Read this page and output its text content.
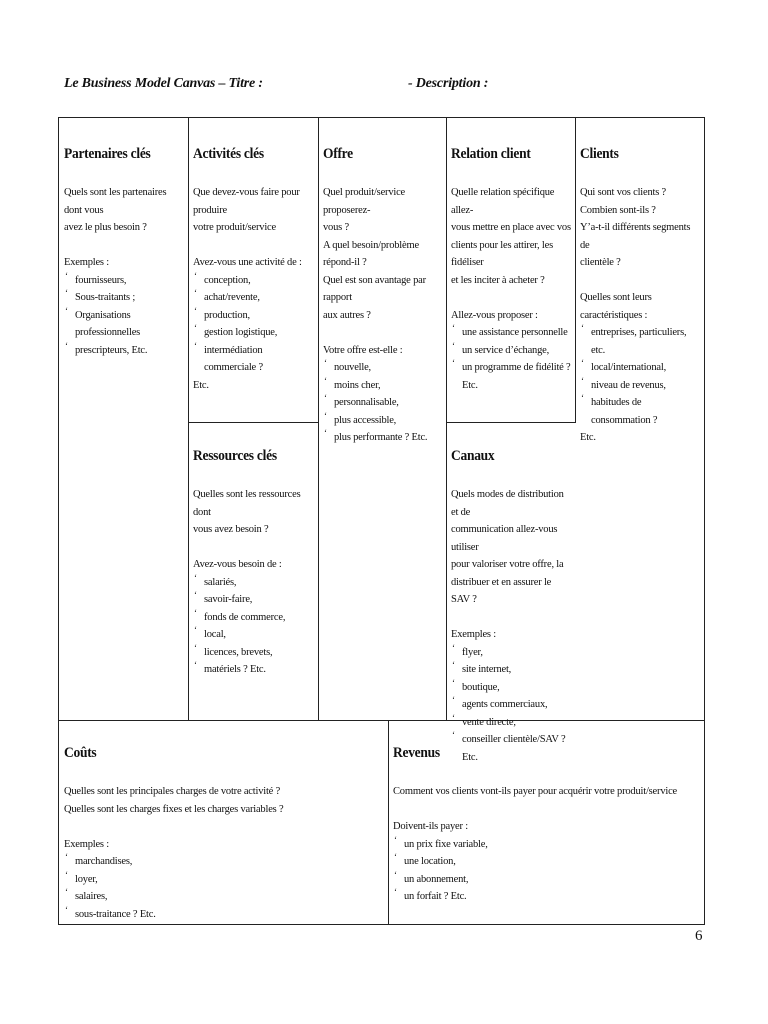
Le Business Model Canvas – Titre :	- Description :
Partenaires clés

Quels sont les partenaires dont vous
avez le plus besoin ?

Exemples :

‘ fournisseurs,
‘ Sous-traitants ;
‘ Organisations professionnelles
‘ prescripteurs, Etc.
Activités clés

Que devez-vous faire pour produire
votre produit/service

Avez-vous une activité de :

‘ conception,
‘ achat/revente,
‘ production,
‘ gestion logistique,
‘ intermédiation commerciale ?

Etc.

Offre

Quel produit/service proposerez-
vous ?
A quel besoin/problème répond-il ?
Quel est son avantage par rapport
aux autres ?

Votre offre est-elle :

‘ nouvelle,
‘ moins cher,
‘ personnalisable,
‘ plus accessible,
‘ plus performante ? Etc.
Relation client

Quelle relation spécifique allez-
vous mettre en place avec vos
clients pour les attirer, les fidéliser
et les inciter à acheter ?

Allez-vous proposer :

‘ une assistance personnelle
‘ un service d’échange,
‘ un programme de fidélité ? Etc.
Clients

Qui sont vos clients ?
Combien sont-ils ?
Y’a-t-il différents segments de
clientèle ?

Quelles sont leurs caractéristiques :

‘ entreprises, particuliers, etc.
‘ local/international,
‘ niveau de revenus,
‘ habitudes de consommation ?

Etc.

Ressources clés

Quelles sont les ressources dont
vous avez besoin ?

Avez-vous besoin de :

‘ salariés,
‘ savoir-faire,
‘ fonds de commerce,
‘ local,
‘ licences, brevets,
‘ matériels ? Etc.
Canaux

Quels modes de distribution et de
communication allez-vous utiliser
pour valoriser votre offre, la
distribuer et en assurer le SAV ?

Exemples :

‘ flyer,
‘ site internet,
‘ boutique,
‘ agents commerciaux,
‘ vente directe,
‘ conseiller clientèle/SAV ? Etc.
Coûts

Quelles sont les principales charges de votre activité ?
Quelles sont les charges fixes et les charges variables ?

Exemples :

‘ marchandises,
‘ loyer,
‘ salaires,
‘ sous-traitance ? Etc.
Revenus

Comment vos clients vont-ils payer pour acquérir votre produit/service

Doivent-ils payer :

‘ un prix fixe variable,
‘ une location,
‘ un abonnement,
‘ un forfait ? Etc.
6
